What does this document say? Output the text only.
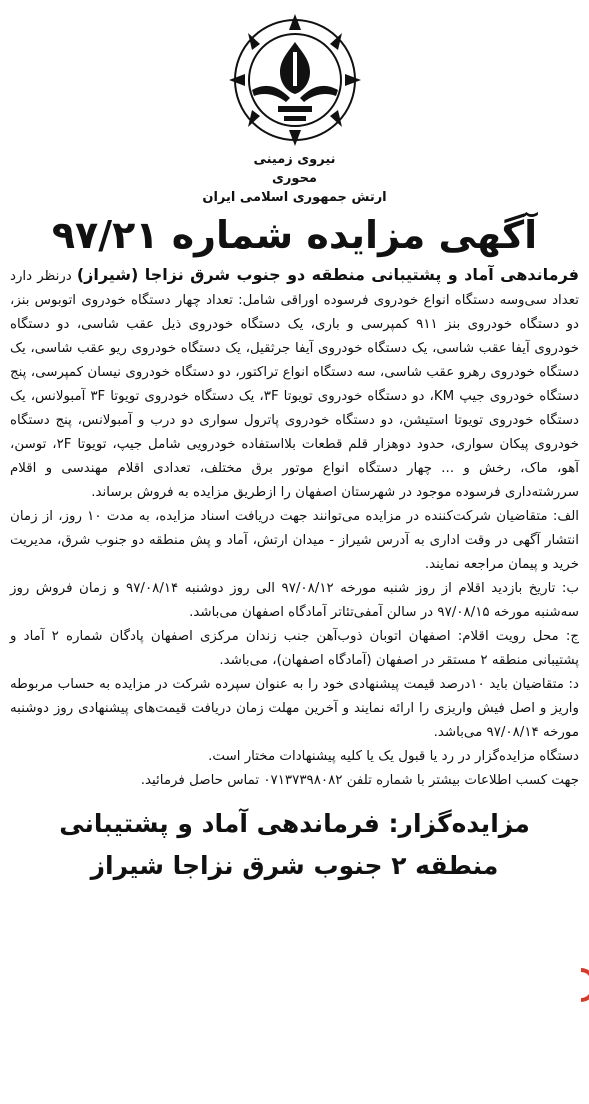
نیروی زمینی
محوری
ارتش جمهوری اسلامی ایران
آگهی مزایده شماره ۹۷/۲۱

فرماندهی آماد و پشتیبانی منطقه دو جنوب شرق نزاجا (شیراز) درنظر دارد تعداد سی‌وسه دستگاه انواع خودروی فرسوده اوراقی شامل: تعداد چهار دستگاه خودروی اتوبوس بنز، دو دستگاه خودروی بنز ۹۱۱ کمپرسی و باری، یک دستگاه خودروی ذیل عقب شاسی، دو دستگاه خودروی آیفا عقب شاسی، یک دستگاه خودروی آیفا جرثقیل، یک دستگاه خودروی ریو عقب شاسی، یک دستگاه خودروی رهرو عقب شاسی، سه دستگاه انواع تراکتور، دو دستگاه خودروی نیسان کمپرسی، پنج دستگاه خودروی جیپ KM، دو دستگاه خودروی تویوتا ۳F، یک دستگاه خودروی تویوتا ۳F آمبولانس، یک دستگاه خودروی تویوتا استیشن، دو دستگاه خودروی پاترول سواری دو درب و آمبولانس، پنج دستگاه خودروی پیکان سواری، حدود دوهزار قلم قطعات بلااستفاده خودرویی شامل جیپ، تویوتا ۲F، توسن، آهو، ماک، رخش و ... چهار دستگاه انواع موتور برق مختلف، تعدادی اقلام مهندسی و اقلام سررشته‌داری فرسوده موجود در شهرستان اصفهان را ازطریق مزایده به فروش برساند.

الف: متقاضیان شرکت‌کننده در مزایده می‌توانند جهت دریافت اسناد مزایده، به مدت ۱۰ روز، از زمان انتشار آگهی در وقت اداری به آدرس شیراز - میدان ارتش، آماد و پش منطقه دو جنوب شرق، مدیریت خرید و پیمان مراجعه نمایند.

ب: تاریخ بازدید اقلام از روز شنبه مورخه ۹۷/۰۸/۱۲ الی روز دوشنبه ۹۷/۰۸/۱۴ و زمان فروش روز سه‌شنبه مورخه ۹۷/۰۸/۱۵ در سالن آمفی‌تئاتر آمادگاه اصفهان می‌باشد.

ج: محل رویت اقلام: اصفهان اتوبان ذوب‌آهن جنب زندان مرکزی اصفهان پادگان شماره ۲ آماد و پشتیبانی منطقه ۲ مستقر در اصفهان (آمادگاه اصفهان)، می‌باشد.

د: متقاضیان باید ۱۰درصد قیمت پیشنهادی خود را به عنوان سپرده شرکت در مزایده به حساب مربوطه واریز و اصل فیش واریزی را ارائه نمایند و آخرین مهلت زمان دریافت قیمت‌های پیشنهادی روز دوشنبه مورخه ۹۷/۰۸/۱۴ می‌باشد.

دستگاه مزایده‌گزار در رد یا قبول یک یا کلیه پیشنهادات مختار است.

جهت کسب اطلاعات بیشتر با شماره تلفن ۰۷۱۳۷۳۹۸۰۸۲ تماس حاصل فرمائید.

مزایده‌گزار: فرماندهی آماد و پشتیبانی
منطقه ۲ جنوب شرق نزاجا شیراز
